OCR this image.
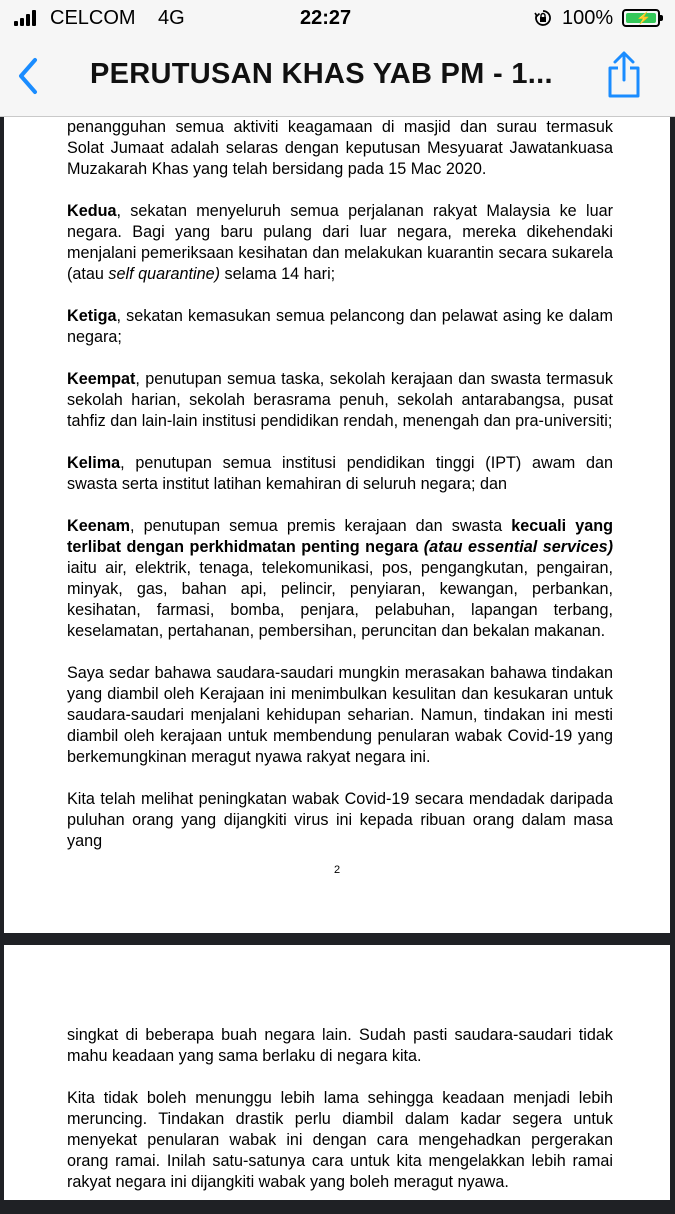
CELCOM 4G	22:27	100% ⚡
PERUTUSAN KHAS YAB PM - 1...

penangguhan semua aktiviti keagamaan di masjid dan surau termasuk Solat Jumaat adalah selaras dengan keputusan Mesyuarat Jawatankuasa Muzakarah Khas yang telah bersidang pada 15 Mac 2020.

Kedua, sekatan menyeluruh semua perjalanan rakyat Malaysia ke luar negara. Bagi yang baru pulang dari luar negara, mereka dikehendaki menjalani pemeriksaan kesihatan dan melakukan kuarantin secara sukarela (atau self quarantine) selama 14 hari;

Ketiga, sekatan kemasukan semua pelancong dan pelawat asing ke dalam negara;

Keempat, penutupan semua taska, sekolah kerajaan dan swasta termasuk sekolah harian, sekolah berasrama penuh, sekolah antarabangsa, pusat tahfiz dan lain-lain institusi pendidikan rendah, menengah dan pra-universiti;

Kelima, penutupan semua institusi pendidikan tinggi (IPT) awam dan swasta serta institut latihan kemahiran di seluruh negara; dan

Keenam, penutupan semua premis kerajaan dan swasta kecuali yang terlibat dengan perkhidmatan penting negara (atau essential services) iaitu air, elektrik, tenaga, telekomunikasi, pos, pengangkutan, pengairan, minyak, gas, bahan api, pelincir, penyiaran, kewangan, perbankan, kesihatan, farmasi, bomba, penjara, pelabuhan, lapangan terbang, keselamatan, pertahanan, pembersihan, peruncitan dan bekalan makanan.

Saya sedar bahawa saudara-saudari mungkin merasakan bahawa tindakan yang diambil oleh Kerajaan ini menimbulkan kesulitan dan kesukaran untuk saudara-saudari menjalani kehidupan seharian. Namun, tindakan ini mesti diambil oleh kerajaan untuk membendung penularan wabak Covid-19 yang berkemungkinan meragut nyawa rakyat negara ini.

Kita telah melihat peningkatan wabak Covid-19 secara mendadak daripada puluhan orang yang dijangkiti virus ini kepada ribuan orang dalam masa yang

2

singkat di beberapa buah negara lain. Sudah pasti saudara-saudari tidak mahu keadaan yang sama berlaku di negara kita.

Kita tidak boleh menunggu lebih lama sehingga keadaan menjadi lebih meruncing. Tindakan drastik perlu diambil dalam kadar segera untuk menyekat penularan wabak ini dengan cara mengehadkan pergerakan orang ramai. Inilah satu-satunya cara untuk kita mengelakkan lebih ramai rakyat negara ini dijangkiti wabak yang boleh meragut nyawa.
